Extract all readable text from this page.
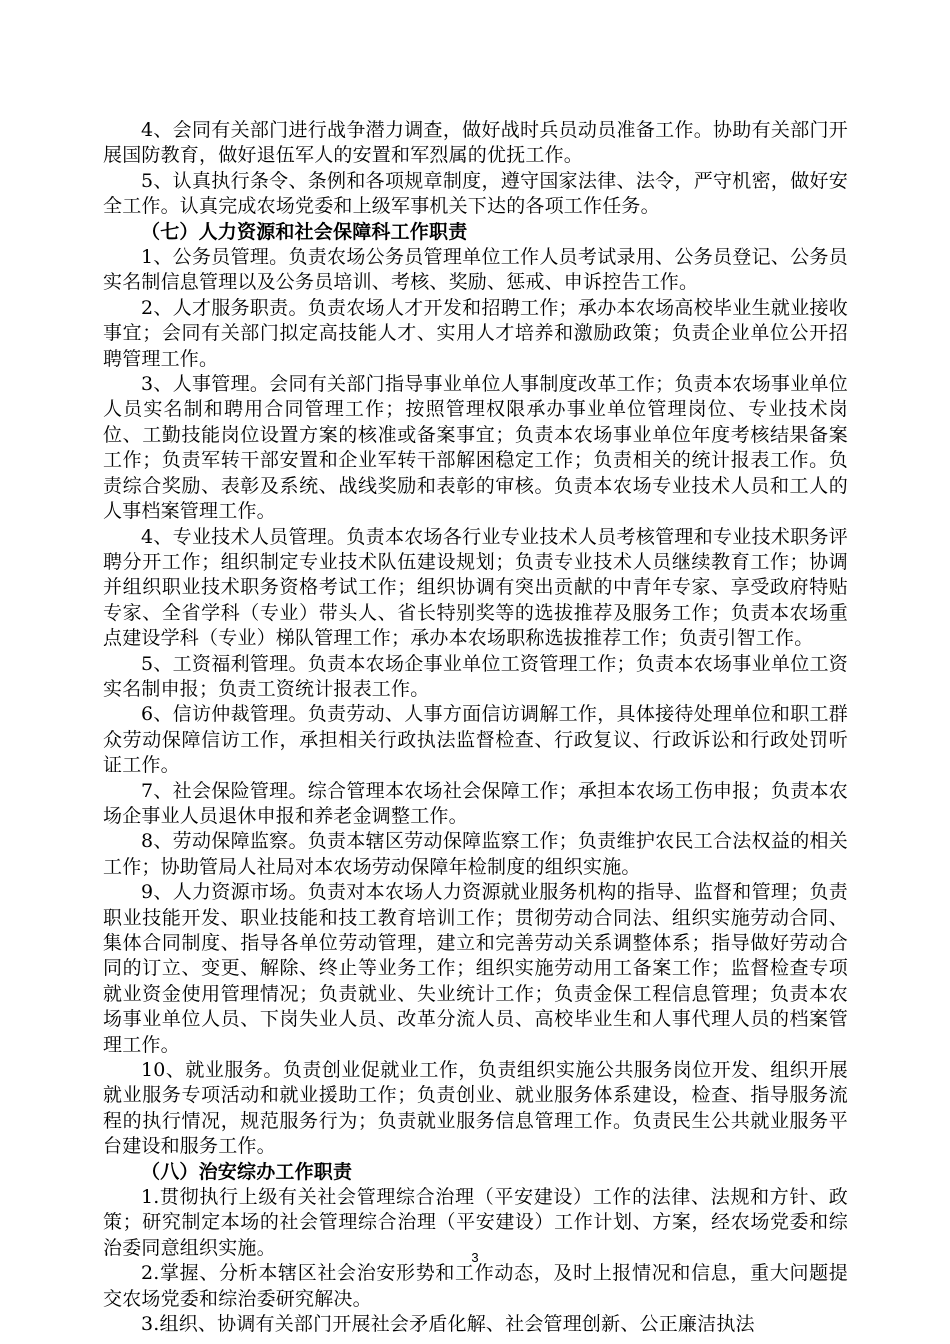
4、会同有关部门进行战争潜力调查，做好战时兵员动员准备工作。协助有关部门开展国防教育，做好退伍军人的安置和军烈属的优抚工作。

5、认真执行条令、条例和各项规章制度，遵守国家法律、法令，严守机密，做好安全工作。认真完成农场党委和上级军事机关下达的各项工作任务。

（七）人力资源和社会保障科工作职责

1、公务员管理。负责农场公务员管理单位工作人员考试录用、公务员登记、公务员实名制信息管理以及公务员培训、考核、奖励、惩戒、申诉控告工作。

2、人才服务职责。负责农场人才开发和招聘工作；承办本农场高校毕业生就业接收事宜；会同有关部门拟定高技能人才、实用人才培养和激励政策；负责企业单位公开招聘管理工作。

3、人事管理。会同有关部门指导事业单位人事制度改革工作；负责本农场事业单位人员实名制和聘用合同管理工作；按照管理权限承办事业单位管理岗位、专业技术岗位、工勤技能岗位设置方案的核准或备案事宜；负责本农场事业单位年度考核结果备案工作；负责军转干部安置和企业军转干部解困稳定工作；负责相关的统计报表工作。负责综合奖励、表彰及系统、战线奖励和表彰的审核。负责本农场专业技术人员和工人的人事档案管理工作。

4、专业技术人员管理。负责本农场各行业专业技术人员考核管理和专业技术职务评聘分开工作；组织制定专业技术队伍建设规划；负责专业技术人员继续教育工作；协调并组织职业技术职务资格考试工作；组织协调有突出贡献的中青年专家、享受政府特贴专家、全省学科（专业）带头人、省长特别奖等的选拔推荐及服务工作；负责本农场重点建设学科（专业）梯队管理工作；承办本农场职称选拔推荐工作；负责引智工作。

5、工资福利管理。负责本农场企事业单位工资管理工作；负责本农场事业单位工资实名制申报；负责工资统计报表工作。

6、信访仲裁管理。负责劳动、人事方面信访调解工作，具体接待处理单位和职工群众劳动保障信访工作，承担相关行政执法监督检查、行政复议、行政诉讼和行政处罚听证工作。

7、社会保险管理。综合管理本农场社会保障工作；承担本农场工伤申报；负责本农场企事业人员退休申报和养老金调整工作。

8、劳动保障监察。负责本辖区劳动保障监察工作；负责维护农民工合法权益的相关工作；协助管局人社局对本农场劳动保障年检制度的组织实施。

9、人力资源市场。负责对本农场人力资源就业服务机构的指导、监督和管理；负责职业技能开发、职业技能和技工教育培训工作；贯彻劳动合同法、组织实施劳动合同、集体合同制度、指导各单位劳动管理，建立和完善劳动关系调整体系；指导做好劳动合同的订立、变更、解除、终止等业务工作；组织实施劳动用工备案工作；监督检查专项就业资金使用管理情况；负责就业、失业统计工作；负责金保工程信息管理；负责本农场事业单位人员、下岗失业人员、改革分流人员、高校毕业生和人事代理人员的档案管理工作。

10、就业服务。负责创业促就业工作，负责组织实施公共服务岗位开发、组织开展就业服务专项活动和就业援助工作；负责创业、就业服务体系建设，检查、指导服务流程的执行情况，规范服务行为；负责就业服务信息管理工作。负责民生公共就业服务平台建设和服务工作。

（八）治安综办工作职责

1.贯彻执行上级有关社会管理综合治理（平安建设）工作的法律、法规和方针、政策；研究制定本场的社会管理综合治理（平安建设）工作计划、方案，经农场党委和综治委同意组织实施。

2.掌握、分析本辖区社会治安形势和工作动态，及时上报情况和信息，重大问题提交农场党委和综治委研究解决。

3.组织、协调有关部门开展社会矛盾化解、社会管理创新、公正廉洁执法

3
